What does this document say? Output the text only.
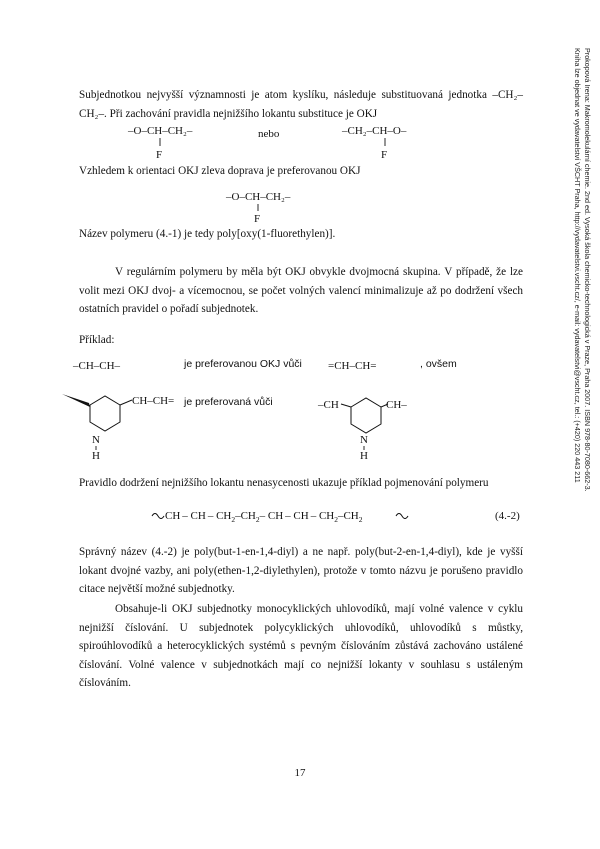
Subjednotkou nejvyšší významnosti je atom kyslíku, následuje substituovaná jednotka –CH₂–CH₂–. Při zachování pravidla nejnižšího lokantu substituce je OKJ
–O–CH–CH₂–
F
nebo	–CH₂–CH–O–
F
Vzhledem k orientaci OKJ zleva doprava je preferovanou OKJ
–O–CH–CH₂–
F
Název polymeru (4.-1) je tedy poly[oxy(1-fluorethylen)].
V regulárním polymeru by měla být OKJ obvykle dvojmocná skupina. V případě, že lze volit mezi OKJ dvoj- a vícemocnou, se počet volných valencí minimalizuje až po dodržení všech ostatních pravidel o pořadí subjednotek.
Příklad:
–CH–CH–	je preferovanou OKJ vůči =CH–CH=	, ovšem
CH–CH=
N
H
je preferovaná vůči	–CH	CH–
N
H
Pravidlo dodržení nejnižšího lokantu nenasycenosti ukazuje příklad pojmenování polymeru
CH – CH – $CH_2-CH_2-$ CH – CH – $CH_2-CH_2$	(4.-2)
Správný název (4.-2) je poly(but-1-en-1,4-diyl) a ne např. poly(but-2-en-1,4-diyl), kde je vyšší lokant dvojné vazby, ani poly(ethen-1,2-diylethylen), protože v tomto názvu je porušeno pravidlo citace největší možné subjednotky.
Obsahuje-li OKJ subjednotky monocyklických uhlovodíků, mají volné valence v cyklu nejnižší číslování. U subjednotek polycyklických uhlovodíků, uhlovodíků s můstky, spiroúhlovodíků a heterocyklických systémů s pevným číslováním zůstává zachováno ustálené číslování. Volné valence v subjednotkách mají co nejnižší lokanty v souhlasu s ustáleným číslováním.
17
Prokopová Irena: Makromolekulární chemie. 2nd ed. Vysoká škola chemicko-technologická v Praze, Praha 2007. ISBN 978-80-7080-662-3.
Kniha lze objednat ve vydavatelství VŠCHT Praha, http://vydavatelstvi.vscht.cz/, e-mail: vydavatelstvi@vscht.cz, tel.: (+420) 220 443 211
